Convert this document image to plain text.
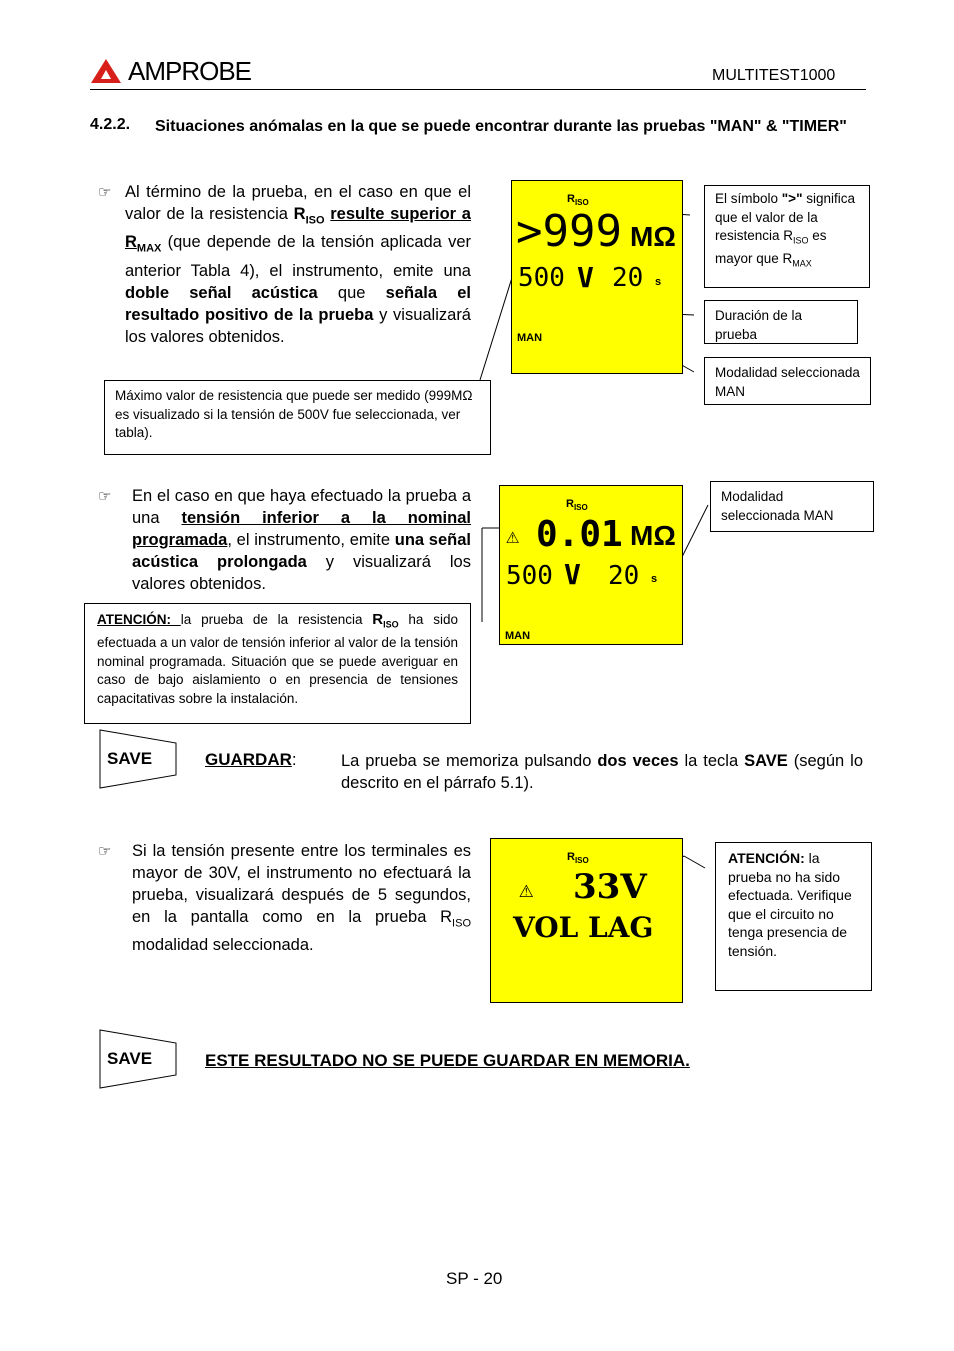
AMPROBE	MULTITEST1000
4.2.2. Situaciones anómalas en la que se puede encontrar durante las pruebas "MAN" & "TIMER"
☞ Al término de la prueba, en el caso en que el valor de la resistencia $R_{ISO}$ resulte superior a $R_{MAX}$ (que depende de la tensión aplicada ver anterior Tabla 4), el instrumento, emite una doble señal acústica que señala el resultado positivo de la prueba y visualizará los valores obtenidos.
$R_{ISO}$
>999 MΩ
500 V 20 s
MAN
El símbolo ">" significa que el valor de la resistencia $R_{ISO}$ es mayor que $R_{MAX}$
Duración de la prueba
Modalidad seleccionada MAN
Máximo valor de resistencia que puede ser medido (999MΩ es visualizado si la tensión de 500V fue seleccionada, ver tabla).
☞ En el caso en que haya efectuado la prueba a una tensión inferior a la nominal programada, el instrumento, emite una señal acústica prolongada y visualizará los valores obtenidos.
$R_{ISO}$
⚠ 0.01 MΩ
500 V 20 s
MAN
Modalidad seleccionada MAN
ATENCIÓN: la prueba de la resistencia $R_{ISO}$ ha sido efectuada a un valor de tensión inferior al valor de la tensión nominal programada. Situación que se puede averiguar en caso de bajo aislamiento o en presencia de tensiones capacitativas sobre la instalación.
SAVE	GUARDAR:	La prueba se memoriza pulsando dos veces la tecla SAVE (según lo descrito en el párrafo 5.1).
☞ Si la tensión presente entre los terminales es mayor de 30V, el instrumento no efectuará la prueba, visualizará después de 5 segundos, en la pantalla como en la prueba $R_{ISO}$ modalidad seleccionada.
$R_{ISO}$
⚠ 33V
VOL LAG
ATENCIÓN: la prueba no ha sido efectuada. Verifique que el circuito no tenga presencia de tensión.
SAVE	ESTE RESULTADO NO SE PUEDE GUARDAR EN MEMORIA.
SP - 20
